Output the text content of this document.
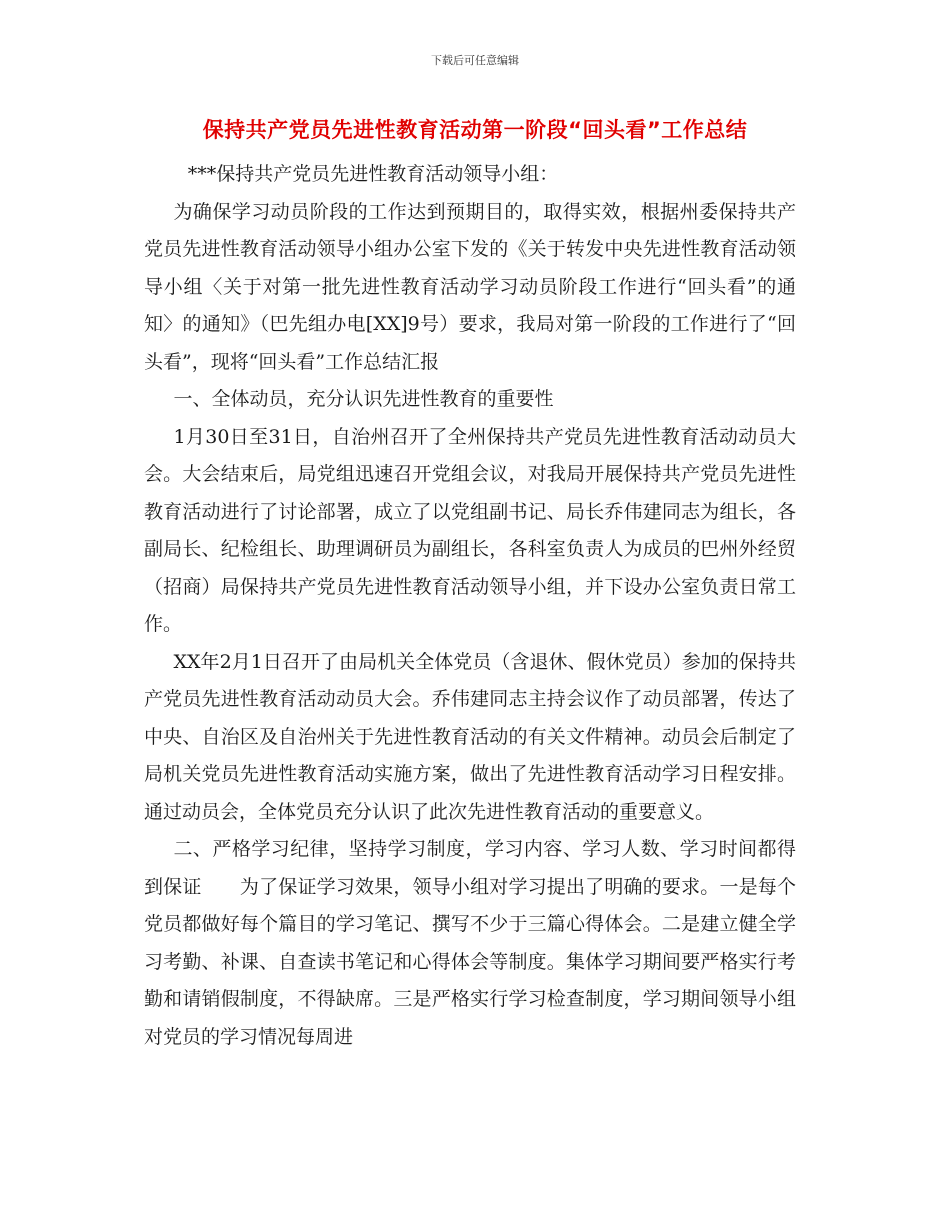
下载后可任意编辑
保持共产党员先进性教育活动第一阶段“回头看”工作总结

***保持共产党员先进性教育活动领导小组：

为确保学习动员阶段的工作达到预期目的，取得实效，根据州委保持共产党员先进性教育活动领导小组办公室下发的《关于转发中央先进性教育活动领导小组〈关于对第一批先进性教育活动学习动员阶段工作进行“回头看”的通知〉的通知》（巴先组办电[XX]9号）要求，我局对第一阶段的工作进行了“回头看”，现将“回头看”工作总结汇报

一、全体动员，充分认识先进性教育的重要性

1月30日至31日，自治州召开了全州保持共产党员先进性教育活动动员大会。大会结束后，局党组迅速召开党组会议，对我局开展保持共产党员先进性教育活动进行了讨论部署，成立了以党组副书记、局长乔伟建同志为组长，各副局长、纪检组长、助理调研员为副组长，各科室负责人为成员的巴州外经贸（招商）局保持共产党员先进性教育活动领导小组，并下设办公室负责日常工作。

XX年2月1日召开了由局机关全体党员（含退休、假休党员）参加的保持共产党员先进性教育活动动员大会。乔伟建同志主持会议作了动员部署，传达了中央、自治区及自治州关于先进性教育活动的有关文件精神。动员会后制定了局机关党员先进性教育活动实施方案，做出了先进性教育活动学习日程安排。通过动员会，全体党员充分认识了此次先进性教育活动的重要意义。

二、严格学习纪律，坚持学习制度，学习内容、学习人数、学习时间都得到保证　　为了保证学习效果，领导小组对学习提出了明确的要求。一是每个党员都做好每个篇目的学习笔记、撰写不少于三篇心得体会。二是建立健全学习考勤、补课、自查读书笔记和心得体会等制度。集体学习期间要严格实行考勤和请销假制度，不得缺席。三是严格实行学习检查制度，学习期间领导小组对党员的学习情况每周进
